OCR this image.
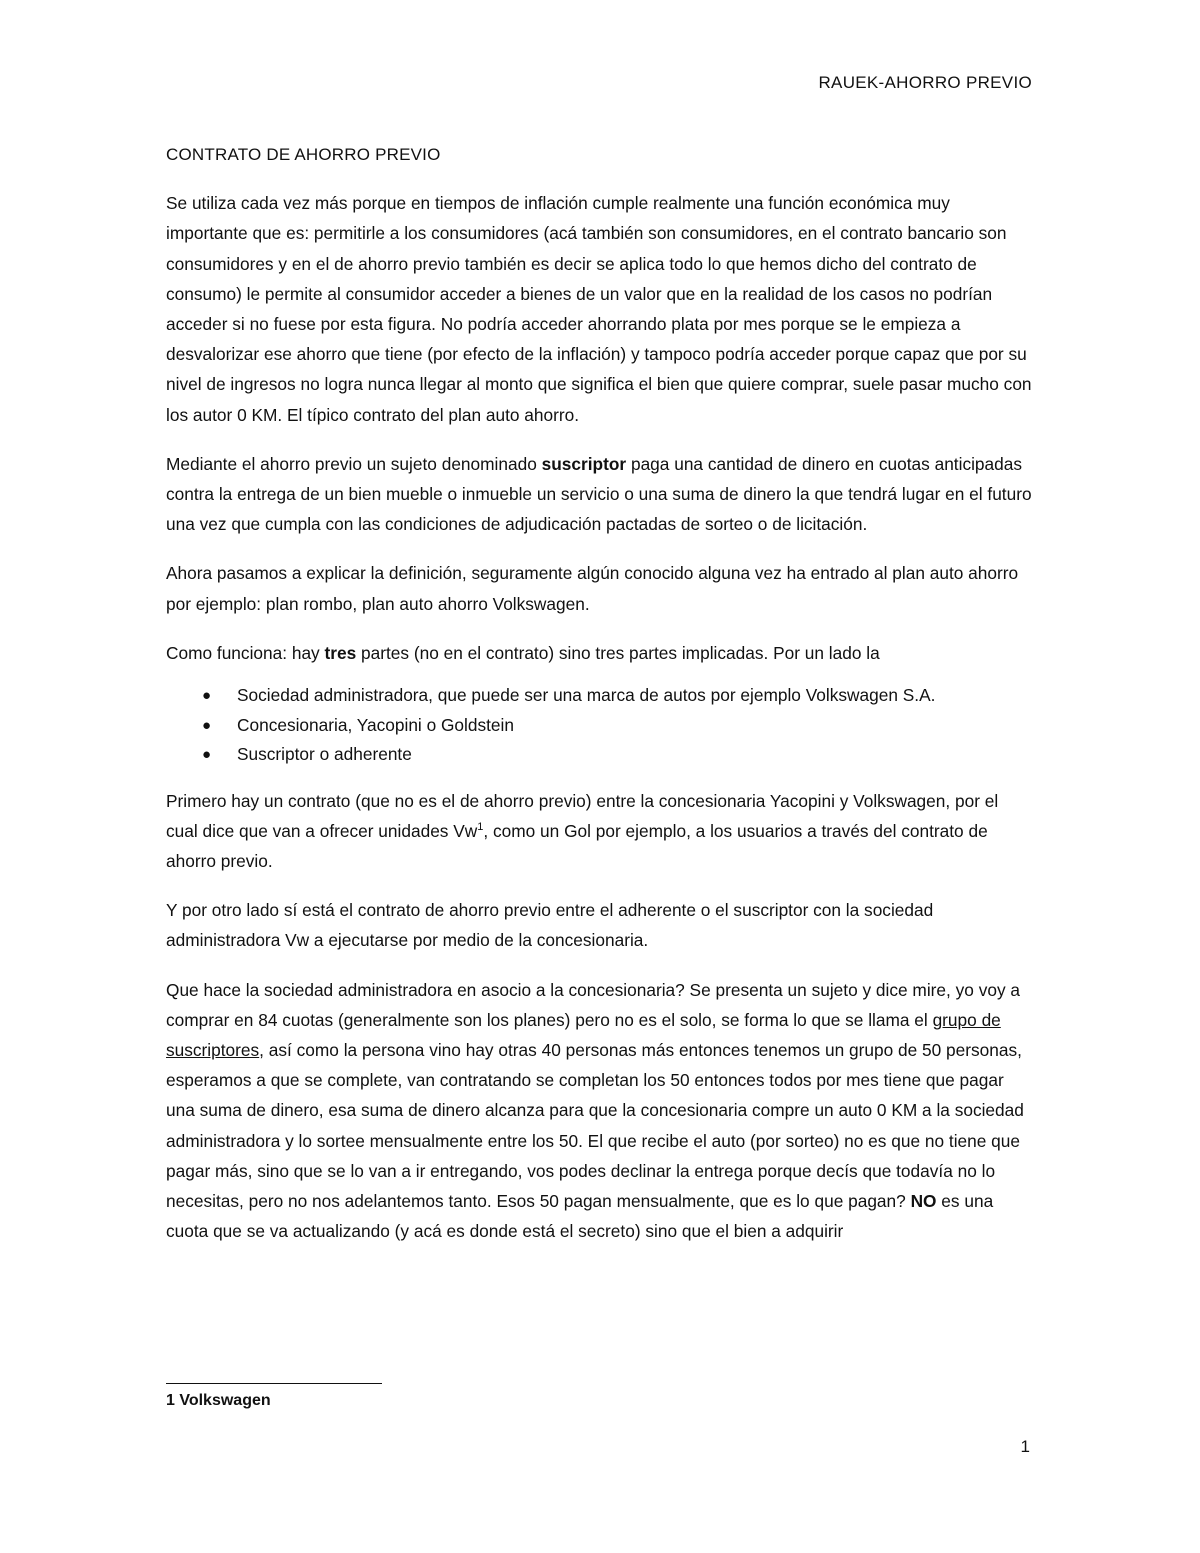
RAUEK-AHORRO PREVIO
CONTRATO DE AHORRO PREVIO

Se utiliza cada vez más porque en tiempos de inflación cumple realmente una función económica muy importante que es: permitirle a los consumidores (acá también son consumidores, en el contrato bancario son consumidores y en el de ahorro previo también es decir se aplica todo lo que hemos dicho del contrato de consumo) le permite al consumidor acceder a bienes de un valor que en la realidad de los casos no podrían acceder si no fuese por esta figura. No podría acceder ahorrando plata por mes porque se le empieza a desvalorizar ese ahorro que tiene (por efecto de la inflación) y tampoco podría acceder porque capaz que por su nivel de ingresos no logra nunca llegar al monto que significa el bien que quiere comprar, suele pasar mucho con los autor 0 KM. El típico contrato del plan auto ahorro.

Mediante el ahorro previo un sujeto denominado suscriptor paga una cantidad de dinero en cuotas anticipadas contra la entrega de un bien mueble o inmueble un servicio o una suma de dinero la que tendrá lugar en el futuro una vez que cumpla con las condiciones de adjudicación pactadas de sorteo o de licitación.

Ahora pasamos a explicar la definición, seguramente algún conocido alguna vez ha entrado al plan auto ahorro por ejemplo: plan rombo, plan auto ahorro Volkswagen.

Como funciona: hay tres partes (no en el contrato) sino tres partes implicadas. Por un lado la

● Sociedad administradora, que puede ser una marca de autos por ejemplo Volkswagen S.A.
● Concesionaria, Yacopini o Goldstein
● Suscriptor o adherente

Primero hay un contrato (que no es el de ahorro previo) entre la concesionaria Yacopini y Volkswagen, por el cual dice que van a ofrecer unidades Vw$^1$, como un Gol por ejemplo, a los usuarios a través del contrato de ahorro previo.

Y por otro lado sí está el contrato de ahorro previo entre el adherente o el suscriptor con la sociedad administradora Vw a ejecutarse por medio de la concesionaria.

Que hace la sociedad administradora en asocio a la concesionaria? Se presenta un sujeto y dice mire, yo voy a comprar en 84 cuotas (generalmente son los planes) pero no es el solo, se forma lo que se llama el grupo de suscriptores, así como la persona vino hay otras 40 personas más entonces tenemos un grupo de 50 personas, esperamos a que se complete, van contratando se completan los 50 entonces todos por mes tiene que pagar una suma de dinero, esa suma de dinero alcanza para que la concesionaria compre un auto 0 KM a la sociedad administradora y lo sortee mensualmente entre los 50. El que recibe el auto (por sorteo) no es que no tiene que pagar más, sino que se lo van a ir entregando, vos podes declinar la entrega porque decís que todavía no lo necesitas, pero no nos adelantemos tanto. Esos 50 pagan mensualmente, que es lo que pagan? NO es una cuota que se va actualizando (y acá es donde está el secreto) sino que el bien a adquirir

1 Volkswagen
1
